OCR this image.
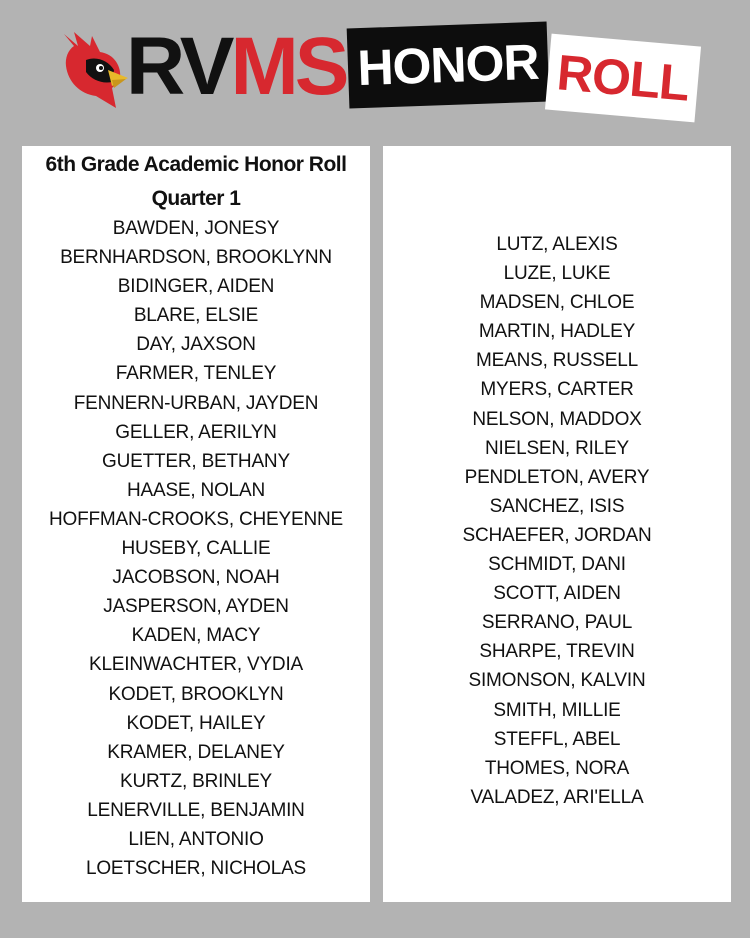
RVMS HONOR ROLL
6th Grade Academic Honor Roll
Quarter 1
BAWDEN, JONESY
BERNHARDSON, BROOKLYNN
BIDINGER, AIDEN
BLARE, ELSIE
DAY, JAXSON
FARMER, TENLEY
FENNERN-URBAN, JAYDEN
GELLER, AERILYN
GUETTER, BETHANY
HAASE, NOLAN
HOFFMAN-CROOKS, CHEYENNE
HUSEBY, CALLIE
JACOBSON, NOAH
JASPERSON, AYDEN
KADEN, MACY
KLEINWACHTER, VYDIA
KODET, BROOKLYN
KODET, HAILEY
KRAMER, DELANEY
KURTZ, BRINLEY
LENERVILLE, BENJAMIN
LIEN, ANTONIO
LOETSCHER, NICHOLAS
LUTZ, ALEXIS
LUZE, LUKE
MADSEN, CHLOE
MARTIN, HADLEY
MEANS, RUSSELL
MYERS, CARTER
NELSON, MADDOX
NIELSEN, RILEY
PENDLETON, AVERY
SANCHEZ, ISIS
SCHAEFER, JORDAN
SCHMIDT, DANI
SCOTT, AIDEN
SERRANO, PAUL
SHARPE, TREVIN
SIMONSON, KALVIN
SMITH, MILLIE
STEFFL, ABEL
THOMES, NORA
VALADEZ, ARI'ELLA
